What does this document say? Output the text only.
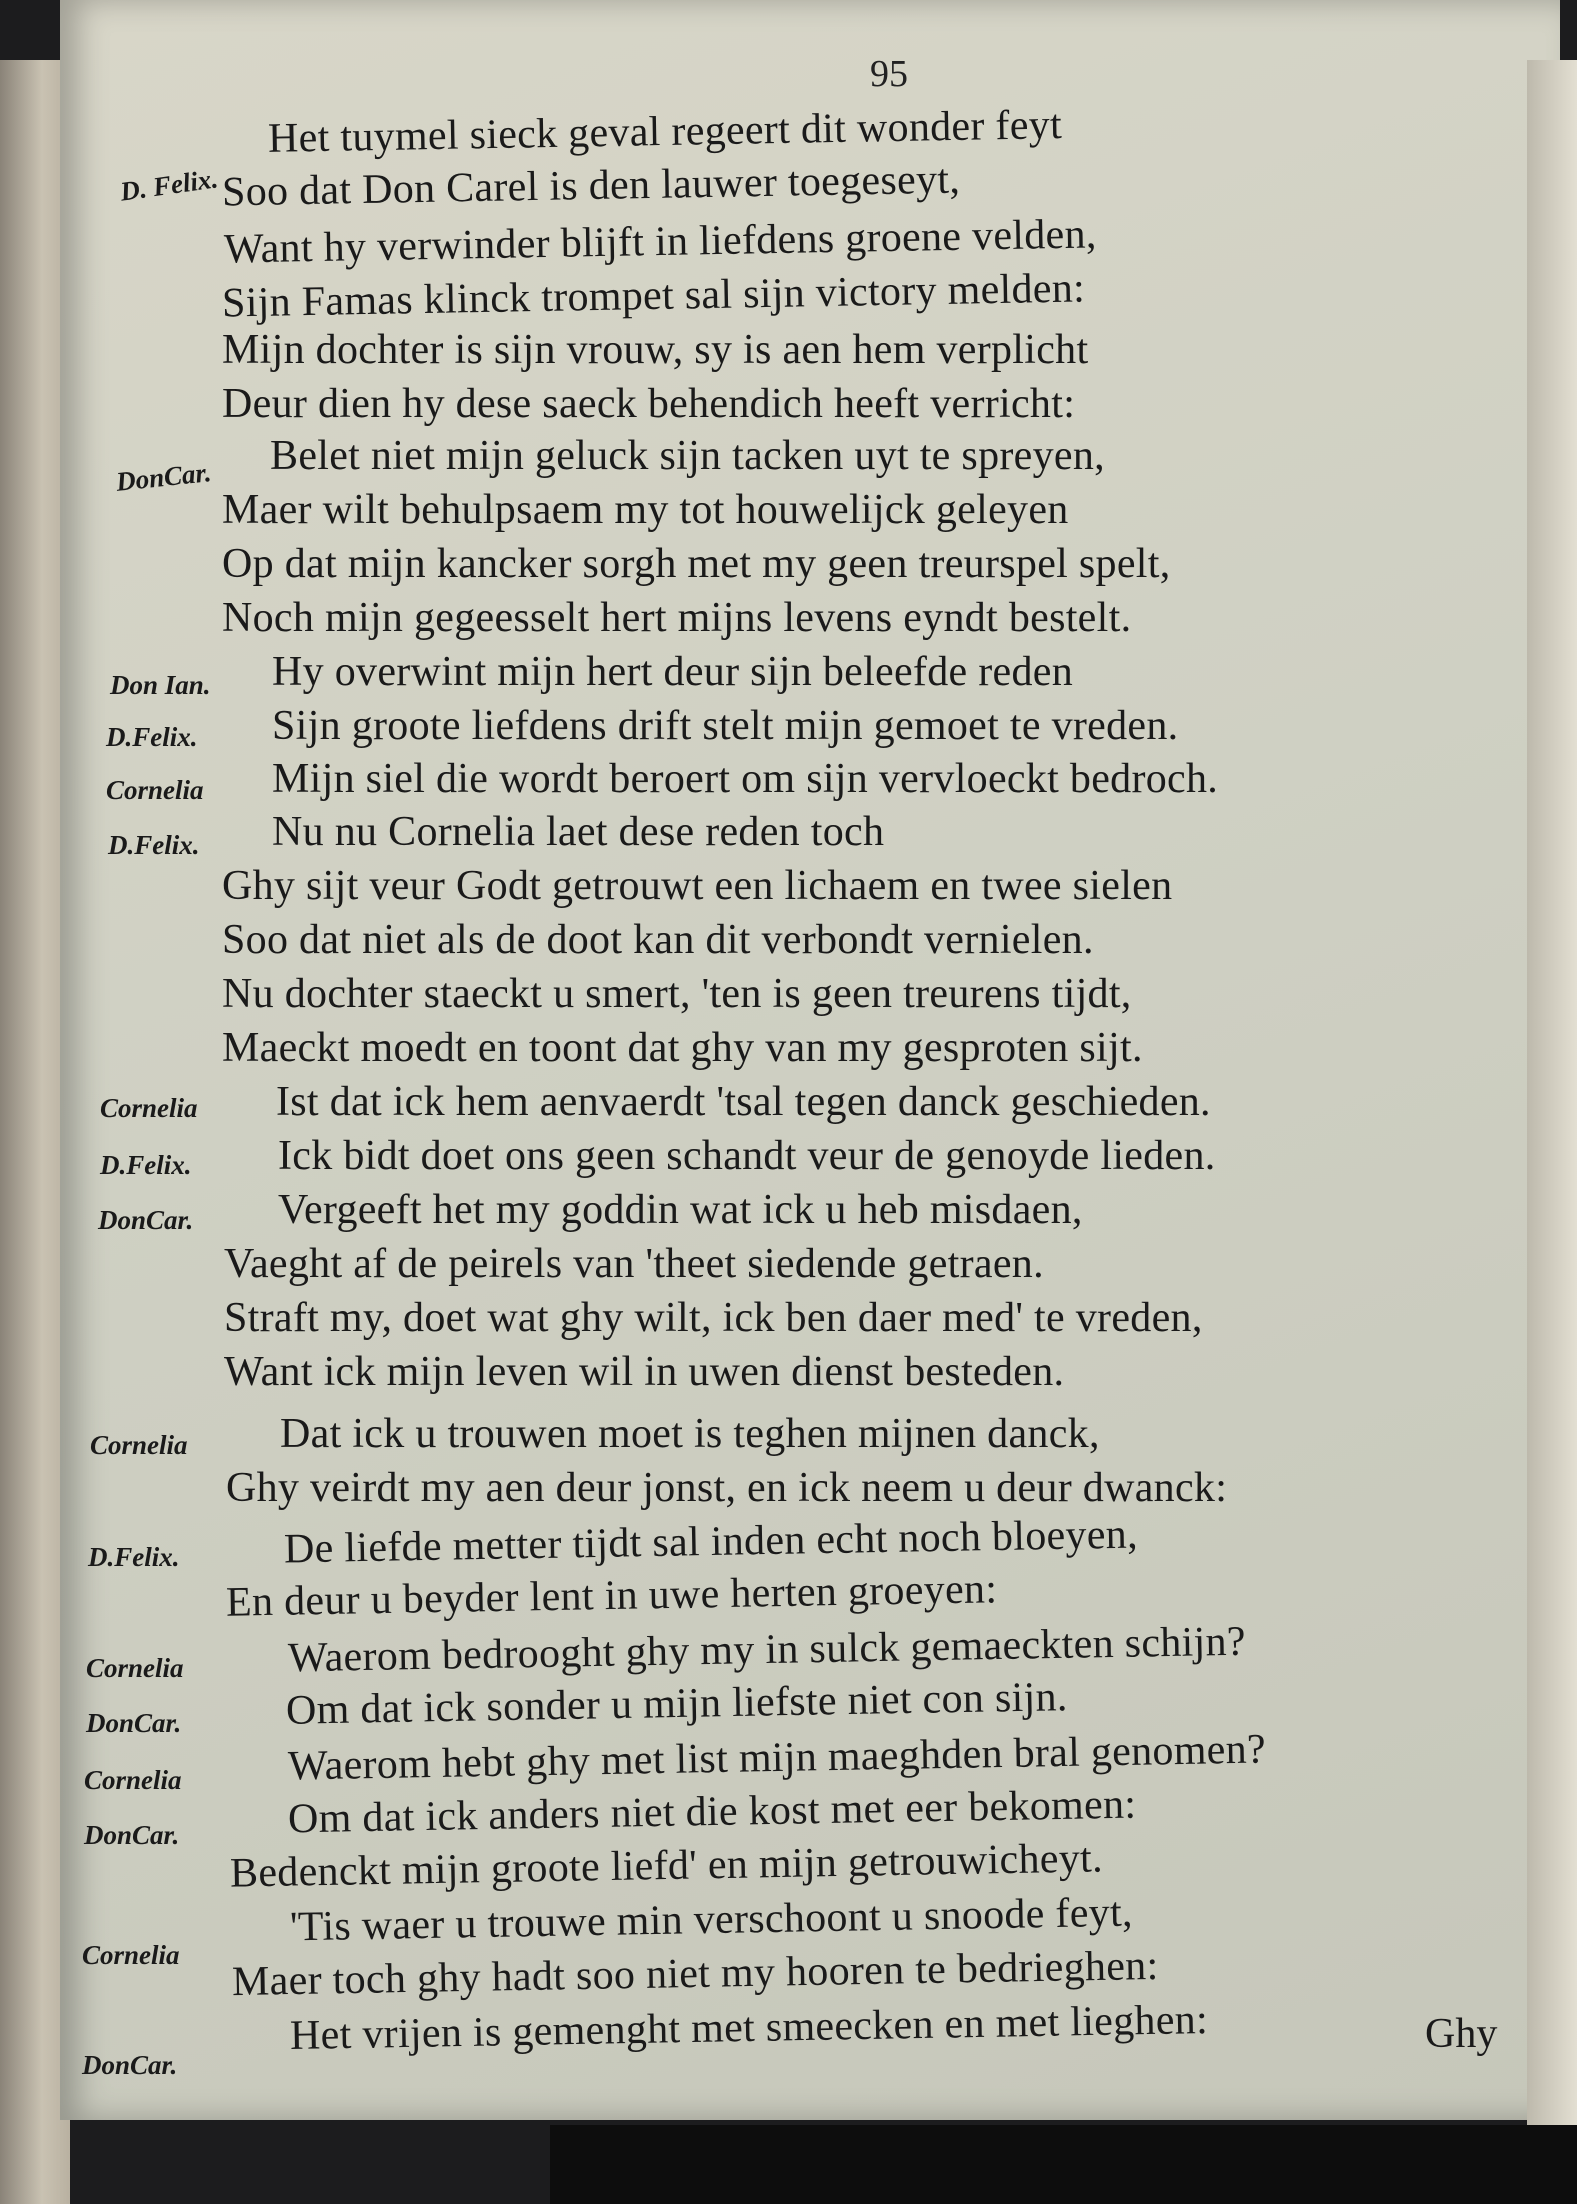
95
D. Felix.
DonCar.
Don Ian.
D.Felix.
Cornelia
D.Felix.
Cornelia
D.Felix.
DonCar.
Cornelia
D.Felix.
Cornelia
DonCar.
Cornelia
DonCar.
Cornelia
DonCar.
Het tuymel sieck geval regeert dit wonder feyt
Soo dat Don Carel is den lauwer toegeseyt,
Want hy verwinder blijft in liefdens groene velden,
Sijn Famas klinck trompet sal sijn victory melden:
Mijn dochter is sijn vrouw, sy is aen hem verplicht
Deur dien hy dese saeck behendich heeft verricht:
Belet niet mijn geluck sijn tacken uyt te spreyen,
Maer wilt behulpsaem my tot houwelijck geleyen
Op dat mijn kancker sorgh met my geen treurspel spelt,
Noch mijn gegeesselt hert mijns levens eyndt bestelt.
Hy overwint mijn hert deur sijn beleefde reden
Sijn groote liefdens drift stelt mijn gemoet te vreden.
Mijn siel die wordt beroert om sijn vervloeckt bedroch.
Nu nu Cornelia laet dese reden toch
Ghy sijt veur Godt getrouwt een lichaem en twee sielen
Soo dat niet als de doot kan dit verbondt vernielen.
Nu dochter staeckt u smert, 'ten is geen treurens tijdt,
Maeckt moedt en toont dat ghy van my gesproten sijt.
Ist dat ick hem aenvaerdt 'tsal tegen danck geschieden.
Ick bidt doet ons geen schandt veur de genoyde lieden.
Vergeeft het my goddin wat ick u heb misdaen,
Vaeght af de peirels van 'theet siedende getraen.
Straft my, doet wat ghy wilt, ick ben daer med' te vreden,
Want ick mijn leven wil in uwen dienst besteden.
Dat ick u trouwen moet is teghen mijnen danck,
Ghy veirdt my aen deur jonst, en ick neem u deur dwanck:
De liefde metter tijdt sal inden echt noch bloeyen,
En deur u beyder lent in uwe herten groeyen:
Waerom bedrooght ghy my in sulck gemaeckten schijn?
Om dat ick sonder u mijn liefste niet con sijn.
Waerom hebt ghy met list mijn maeghden bral genomen?
Om dat ick anders niet die kost met eer bekomen:
Bedenckt mijn groote liefd' en mijn getrouwicheyt.
'Tis waer u trouwe min verschoont u snoode feyt,
Maer toch ghy hadt soo niet my hooren te bedrieghen:
Het vrijen is gemenght met smeecken en met lieghen:	Ghy
